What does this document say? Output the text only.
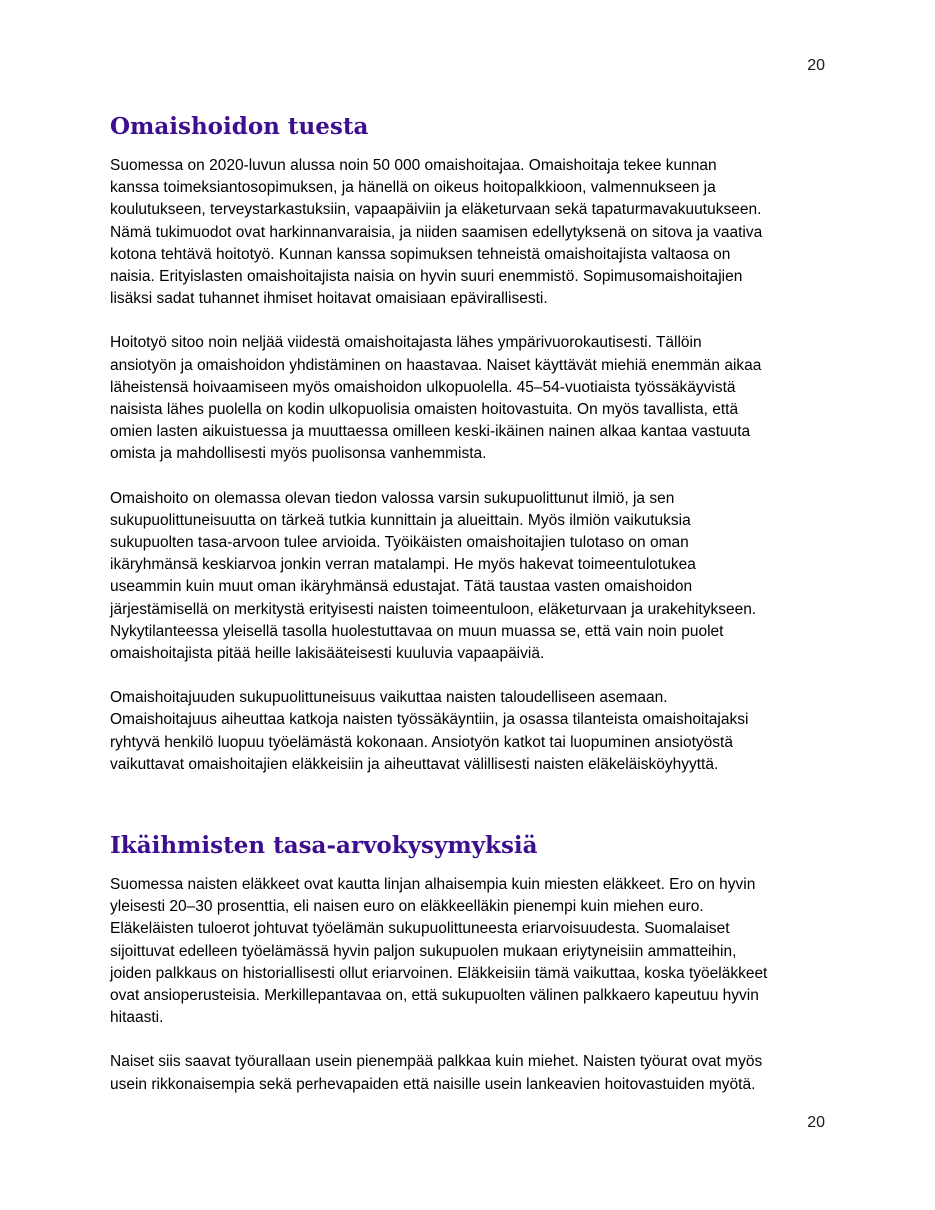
20
Omaishoidon tuesta
Suomessa on 2020-luvun alussa noin 50 000 omaishoitajaa. Omaishoitaja tekee kunnan
kanssa toimeksiantosopimuksen, ja hänellä on oikeus hoitopalkkioon, valmennukseen ja
koulutukseen, terveystarkastuksiin, vapaapäiviin ja eläketurvaan sekä tapaturmavakuutukseen.
Nämä tukimuodot ovat harkinnanvaraisia, ja niiden saamisen edellytyksenä on sitova ja vaativa
kotona tehtävä hoitotyö. Kunnan kanssa sopimuksen tehneistä omaishoitajista valtaosa on
naisia. Erityislasten omaishoitajista naisia on hyvin suuri enemmistö. Sopimusomaishoitajien
lisäksi sadat tuhannet ihmiset hoitavat omaisiaan epävirallisesti.
Hoitotyö sitoo noin neljää viidestä omaishoitajasta lähes ympärivuorokautisesti. Tällöin
ansiotyön ja omaishoidon yhdistäminen on haastavaa. Naiset käyttävät miehiä enemmän aikaa
läheistensä hoivaamiseen myös omaishoidon ulkopuolella. 45–54-vuotiaista työssäkäyvistä
naisista lähes puolella on kodin ulkopuolisia omaisten hoitovastuita. On myös tavallista, että
omien lasten aikuistuessa ja muuttaessa omilleen keski-ikäinen nainen alkaa kantaa vastuuta
omista ja mahdollisesti myös puolisonsa vanhemmista.
Omaishoito on olemassa olevan tiedon valossa varsin sukupuolittunut ilmiö, ja sen
sukupuolittuneisuutta on tärkeä tutkia kunnittain ja alueittain. Myös ilmiön vaikutuksia
sukupuolten tasa-arvoon tulee arvioida. Työikäisten omaishoitajien tulotaso on oman
ikäryhmänsä keskiarvoa jonkin verran matalampi. He myös hakevat toimeentulotukea
useammin kuin muut oman ikäryhmänsä edustajat. Tätä taustaa vasten omaishoidon
järjestämisellä on merkitystä erityisesti naisten toimeentuloon, eläketurvaan ja urakehitykseen.
Nykytilanteessa yleisellä tasolla huolestuttavaa on muun muassa se, että vain noin puolet
omaishoitajista pitää heille lakisääteisesti kuuluvia vapaapäiviä.
Omaishoitajuuden sukupuolittuneisuus vaikuttaa naisten taloudelliseen asemaan.
Omaishoitajuus aiheuttaa katkoja naisten työssäkäyntiin, ja osassa tilanteista omaishoitajaksi
ryhtyvä henkilö luopuu työelämästä kokonaan. Ansiotyön katkot tai luopuminen ansiotyöstä
vaikuttavat omaishoitajien eläkkeisiin ja aiheuttavat välillisesti naisten eläkeläisköyhyyttä.
Ikäihmisten tasa-arvokysymyksiä
Suomessa naisten eläkkeet ovat kautta linjan alhaisempia kuin miesten eläkkeet. Ero on hyvin
yleisesti 20–30 prosenttia, eli naisen euro on eläkkeelläkin pienempi kuin miehen euro.
Eläkeläisten tuloerot johtuvat työelämän sukupuolittuneesta eriarvoisuudesta. Suomalaiset
sijoittuvat edelleen työelämässä hyvin paljon sukupuolen mukaan eriytyneisiin ammatteihin,
joiden palkkaus on historiallisesti ollut eriarvoinen. Eläkkeisiin tämä vaikuttaa, koska työeläkkeet
ovat ansioperusteisia. Merkillepantavaa on, että sukupuolten välinen palkkaero kapeutuu hyvin
hitaasti.
Naiset siis saavat työurallaan usein pienempää palkkaa kuin miehet. Naisten työurat ovat myös
usein rikkonaisempia sekä perhevapaiden että naisille usein lankeavien hoitovastuiden myötä.
20
